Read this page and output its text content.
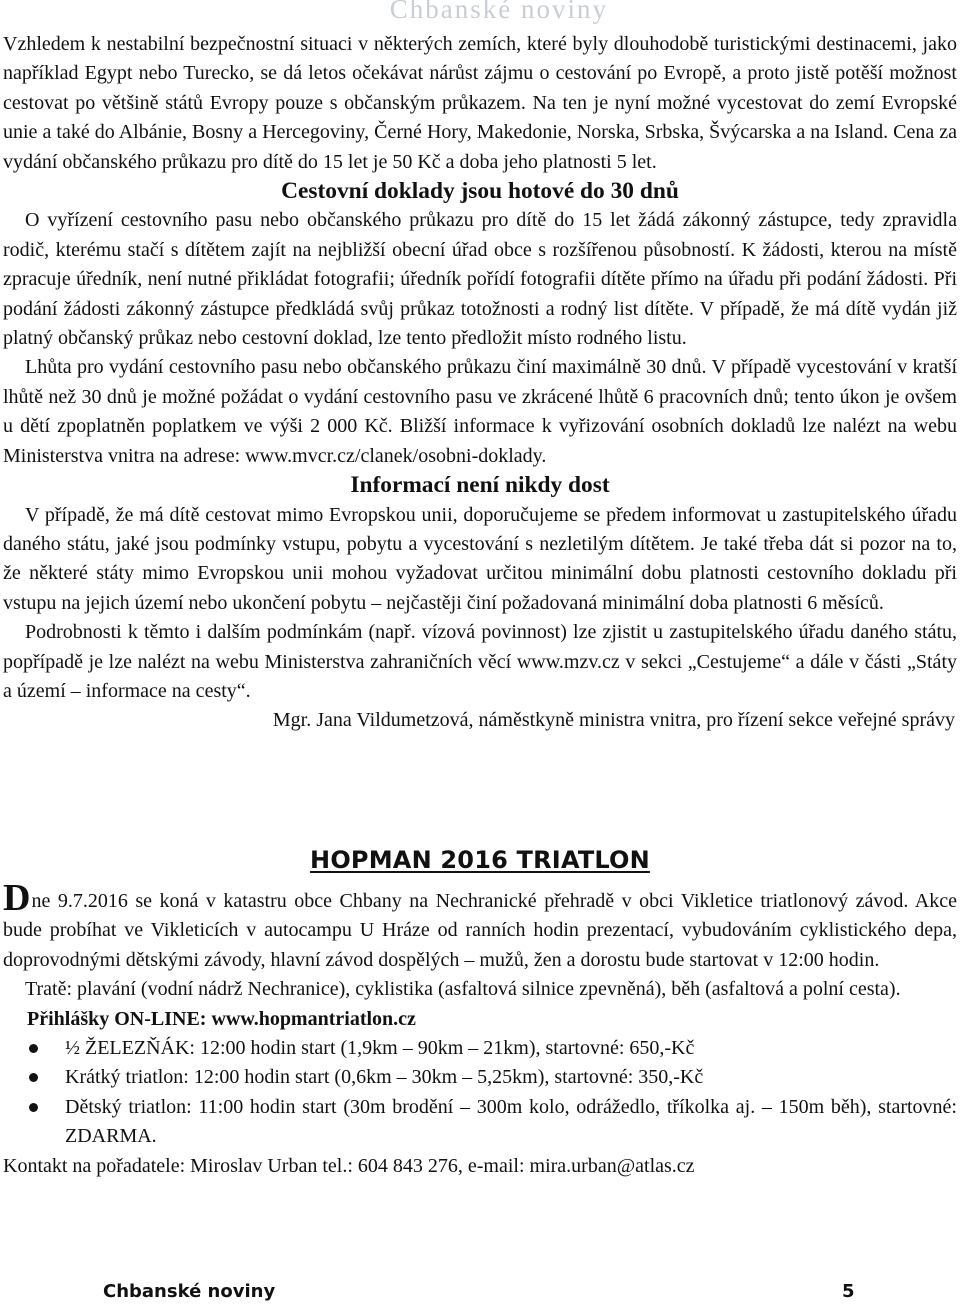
Chbanské noviny

Vzhledem k nestabilní bezpečnostní situaci v některých zemích, které byly dlouhodobě turistickými destinacemi, jako například Egypt nebo Turecko, se dá letos očekávat nárůst zájmu o cestování po Evropě, a proto jistě potěší možnost cestovat po většině států Evropy pouze s občanským průkazem. Na ten je nyní možné vycestovat do zemí Evropské unie a také do Albánie, Bosny a Hercegoviny, Černé Hory, Makedonie, Norska, Srbska, Švýcarska a na Island. Cena za vydání občanského průkazu pro dítě do 15 let je 50 Kč a doba jeho platnosti 5 let.

Cestovní doklady jsou hotové do 30 dnů

O vyřízení cestovního pasu nebo občanského průkazu pro dítě do 15 let žádá zákonný zástupce, tedy zpravidla rodič, kterému stačí s dítětem zajít na nejbližší obecní úřad obce s rozšířenou působností. K žádosti, kterou na místě zpracuje úředník, není nutné přikládat fotografii; úředník pořídí fotografii dítěte přímo na úřadu při podání žádosti. Při podání žádosti zákonný zástupce předkládá svůj průkaz totožnosti a rodný list dítěte. V případě, že má dítě vydán již platný občanský průkaz nebo cestovní doklad, lze tento předložit místo rodného listu.

Lhůta pro vydání cestovního pasu nebo občanského průkazu činí maximálně 30 dnů. V případě vycestování v kratší lhůtě než 30 dnů je možné požádat o vydání cestovního pasu ve zkrácené lhůtě 6 pracovních dnů; tento úkon je ovšem u dětí zpoplatněn poplatkem ve výši 2 000 Kč. Bližší informace k vyřizování osobních dokladů lze nalézt na webu Ministerstva vnitra na adrese: www.mvcr.cz/clanek/osobni-doklady.

Informací není nikdy dost

V případě, že má dítě cestovat mimo Evropskou unii, doporučujeme se předem informovat u zastupitelského úřadu daného státu, jaké jsou podmínky vstupu, pobytu a vycestování s nezletilým dítětem. Je také třeba dát si pozor na to, že některé státy mimo Evropskou unii mohou vyžadovat určitou minimální dobu platnosti cestovního dokladu při vstupu na jejich území nebo ukončení pobytu – nejčastěji činí požadovaná minimální doba platnosti 6 měsíců.

Podrobnosti k těmto i dalším podmínkám (např. vízová povinnost) lze zjistit u zastupitelského úřadu daného státu, popřípadě je lze nalézt na webu Ministerstva zahraničních věcí www.mzv.cz v sekci „Cestujeme“ a dále v části „Státy a území – informace na cesty“.

Mgr. Jana Vildumetzová, náměstkyně ministra vnitra, pro řízení sekce veřejné správy

HOPMAN 2016 TRIATLON

Dne 9.7.2016 se koná v katastru obce Chbany na Nechranické přehradě v obci Vikletice triatlonový závod. Akce bude probíhat ve Vikleticích v autocampu U Hráze od ranních hodin prezentací, vybudováním cyklistického depa, doprovodnými dětskými závody, hlavní závod dospělých – mužů, žen a dorostu bude startovat v 12:00 hodin.

Tratě: plavání (vodní nádrž Nechranice), cyklistika (asfaltová silnice zpevněná), běh (asfaltová a polní cesta).

Přihlášky ON-LINE: www.hopmantriatlon.cz

½ ŽELEZŇÁK: 12:00 hodin start (1,9km – 90km – 21km), startovné: 650,-Kč
Krátký triatlon: 12:00 hodin start (0,6km – 30km – 5,25km), startovné: 350,-Kč
Dětský triatlon: 11:00 hodin start (30m brodění – 300m kolo, odrážedlo, tříkolka aj. – 150m běh), startovné: ZDARMA.

Kontakt na pořadatele: Miroslav Urban tel.: 604 843 276, e-mail: mira.urban@atlas.cz

Chbanské noviny	5
